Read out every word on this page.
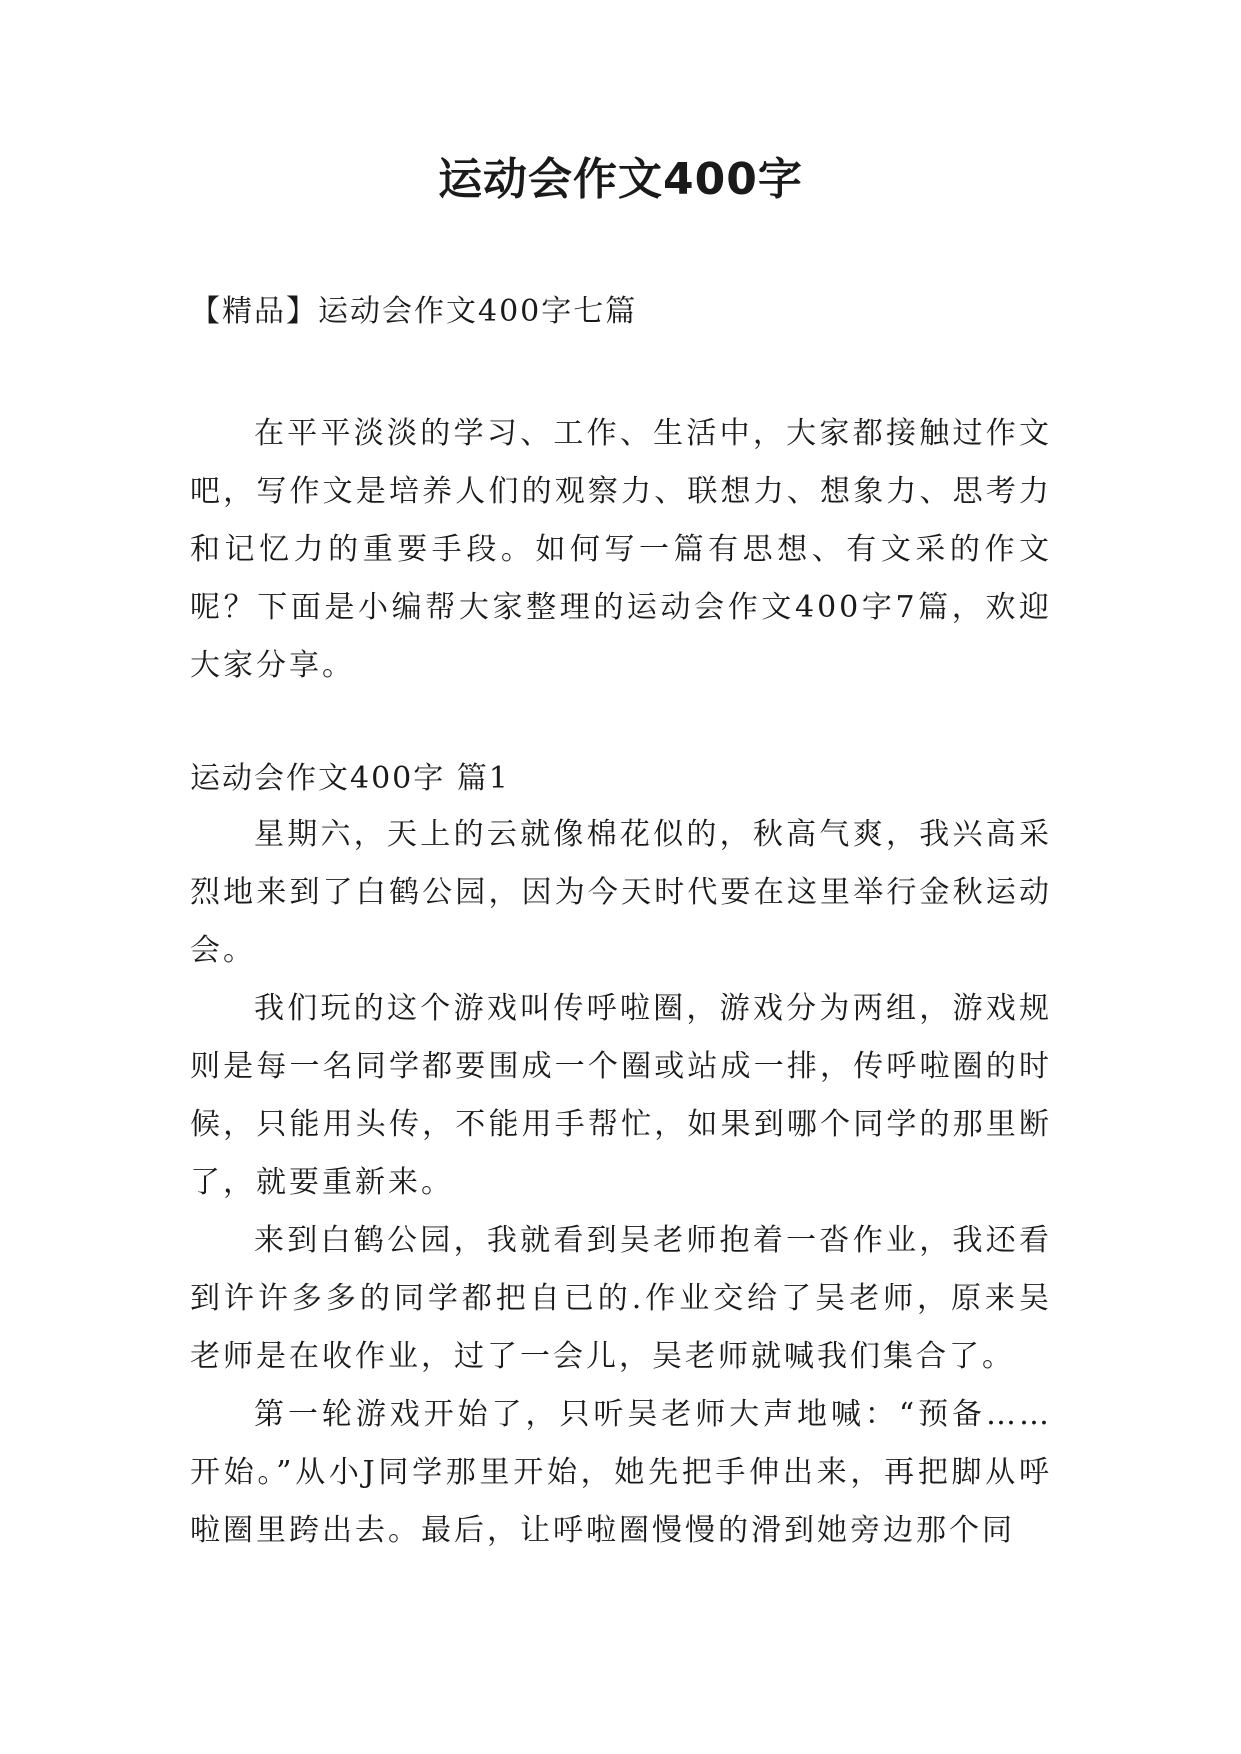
运动会作文400字
【精品】运动会作文400字七篇

在平平淡淡的学习、工作、生活中，大家都接触过作文吧，写作文是培养人们的观察力、联想力、想象力、思考力和记忆力的重要手段。如何写一篇有思想、有文采的作文呢？下面是小编帮大家整理的运动会作文400字7篇，欢迎大家分享。

运动会作文400字 篇1

星期六，天上的云就像棉花似的，秋高气爽，我兴高采烈地来到了白鹤公园，因为今天时代要在这里举行金秋运动会。

我们玩的这个游戏叫传呼啦圈，游戏分为两组，游戏规则是每一名同学都要围成一个圈或站成一排，传呼啦圈的时候，只能用头传，不能用手帮忙，如果到哪个同学的那里断了，就要重新来。

来到白鹤公园，我就看到吴老师抱着一沓作业，我还看到许许多多的同学都把自已的.作业交给了吴老师，原来吴老师是在收作业，过了一会儿，吴老师就喊我们集合了。

第一轮游戏开始了，只听吴老师大声地喊：“预备……开始。”从小J同学那里开始，她先把手伸出来，再把脚从呼啦圈里跨出去。最后，让呼啦圈慢慢的滑到她旁边那个同
